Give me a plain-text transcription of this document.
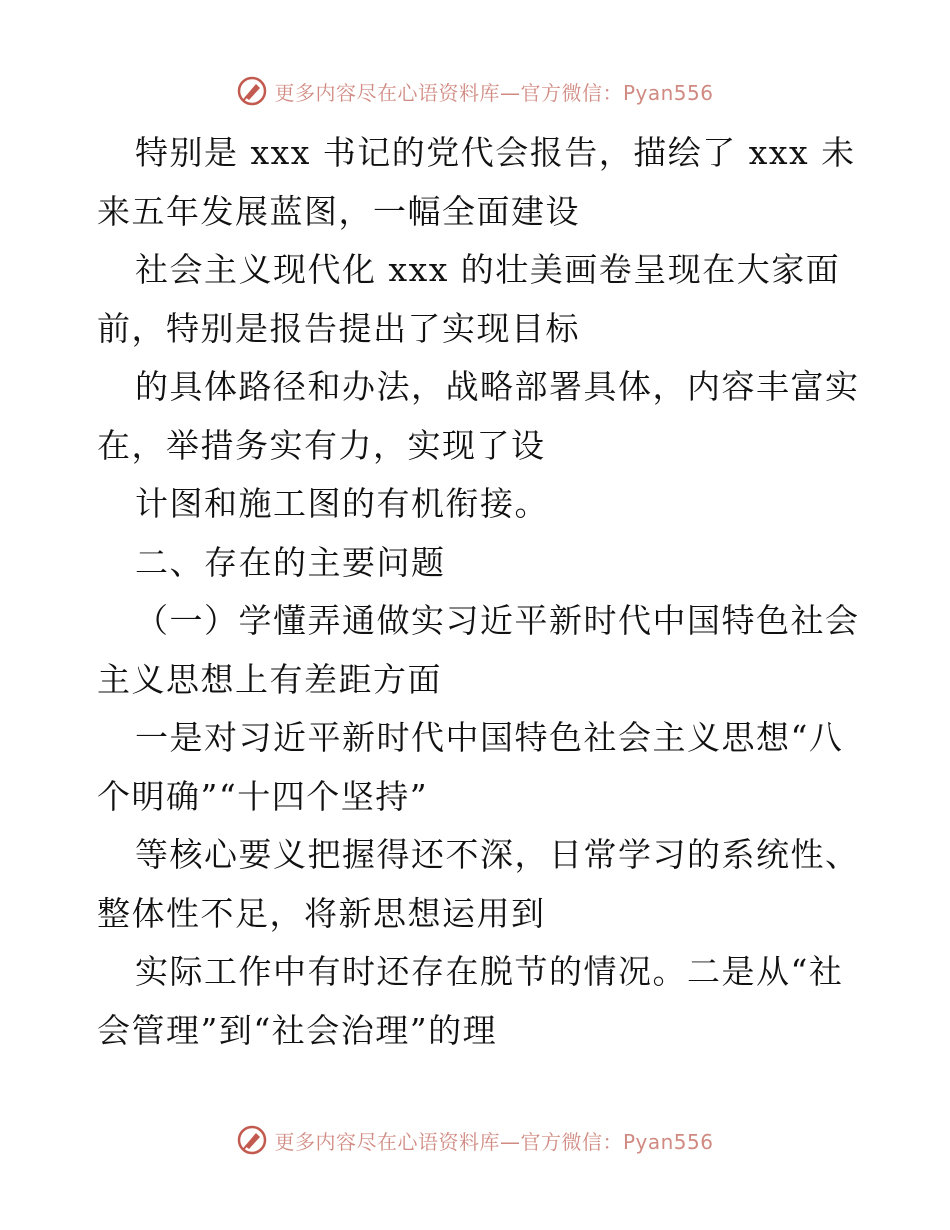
更多内容尽在心语资料库—官方微信：Pyan556
特别是 xxx 书记的党代会报告，描绘了 xxx 未
来五年发展蓝图，一幅全面建设
社会主义现代化 xxx 的壮美画卷呈现在大家面
前，特别是报告提出了实现目标
的具体路径和办法，战略部署具体，内容丰富实
在，举措务实有力，实现了设
计图和施工图的有机衔接。
二、存在的主要问题
（一）学懂弄通做实习近平新时代中国特色社会
主义思想上有差距方面
一是对习近平新时代中国特色社会主义思想“八
个明确”“十四个坚持”
等核心要义把握得还不深，日常学习的系统性、
整体性不足，将新思想运用到
实际工作中有时还存在脱节的情况。二是从“社
会管理”到“社会治理”的理
更多内容尽在心语资料库—官方微信：Pyan556
